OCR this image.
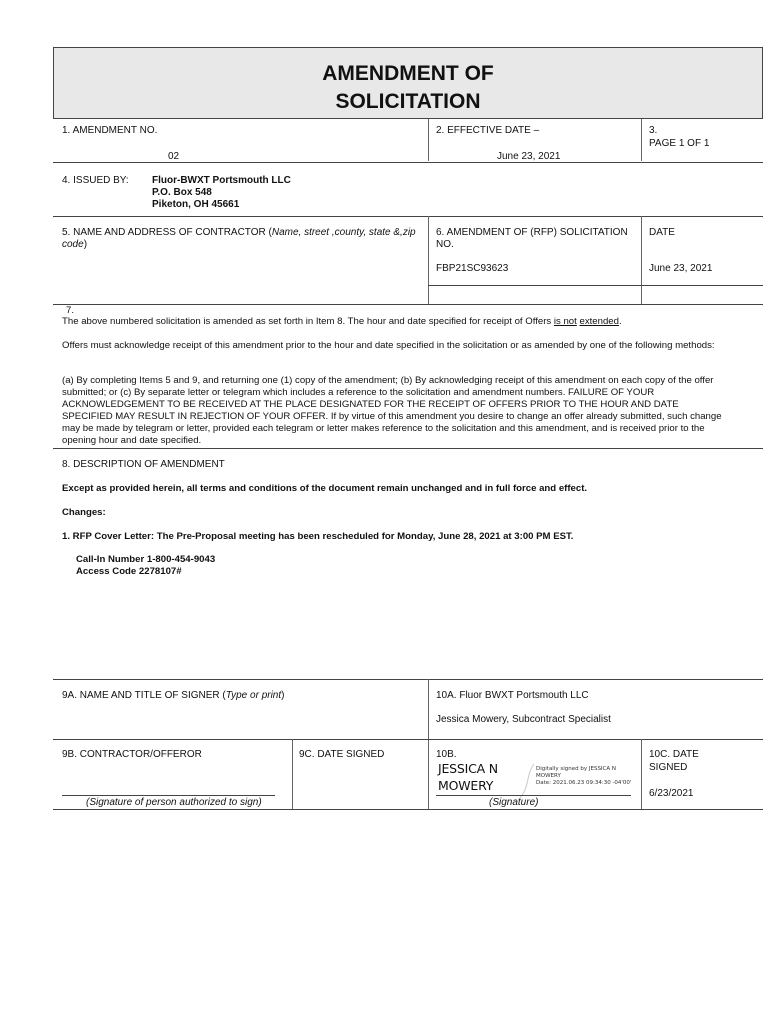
AMENDMENT OF
SOLICITATION
1. AMENDMENT NO.
02
2. EFFECTIVE DATE –
June 23, 2021
3.
PAGE 1 OF 1
4. ISSUED BY: Fluor-BWXT Portsmouth LLC
P.O. Box 548
Piketon, OH 45661
5. NAME AND ADDRESS OF CONTRACTOR (Name, street ,county, state &,zip code)
6. AMENDMENT OF (RFP) SOLICITATION NO.
FBP21SC93623
DATE
June 23, 2021
7.
The above numbered solicitation is amended as set forth in Item 8. The hour and date specified for receipt of Offers is not extended.
Offers must acknowledge receipt of this amendment prior to the hour and date specified in the solicitation or as amended by one of the following methods:
(a) By completing Items 5 and 9, and returning one (1) copy of the amendment; (b) By acknowledging receipt of this amendment on each copy of the offer submitted; or (c) By separate letter or telegram which includes a reference to the solicitation and amendment numbers. FAILURE OF YOUR ACKNOWLEDGEMENT TO BE RECEIVED AT THE PLACE DESIGNATED FOR THE RECEIPT OF OFFERS PRIOR TO THE HOUR AND DATE SPECIFIED MAY RESULT IN REJECTION OF YOUR OFFER. If by virtue of this amendment you desire to change an offer already submitted, such change may be made by telegram or letter, provided each telegram or letter makes reference to the solicitation and this amendment, and is received prior to the opening hour and date specified.
8. DESCRIPTION OF AMENDMENT
Except as provided herein, all terms and conditions of the document remain unchanged and in full force and effect.
Changes:
1. RFP Cover Letter: The Pre-Proposal meeting has been rescheduled for Monday, June 28, 2021 at 3:00 PM EST.
Call-In Number 1-800-454-9043
Access Code 2278107#
9A. NAME AND TITLE OF SIGNER (Type or print)	10A. Fluor BWXT Portsmouth LLC
Jessica Mowery, Subcontract Specialist
9B. CONTRACTOR/OFFEROR
(Signature of person authorized to sign)
9C. DATE SIGNED	10B.
JESSICA N
MOWERY
Digitally signed by JESSICA N
MOWERY
Date: 2021.06.23 09:34:30 -04'00'
(Signature)
10C. DATE
SIGNED
6/23/2021
